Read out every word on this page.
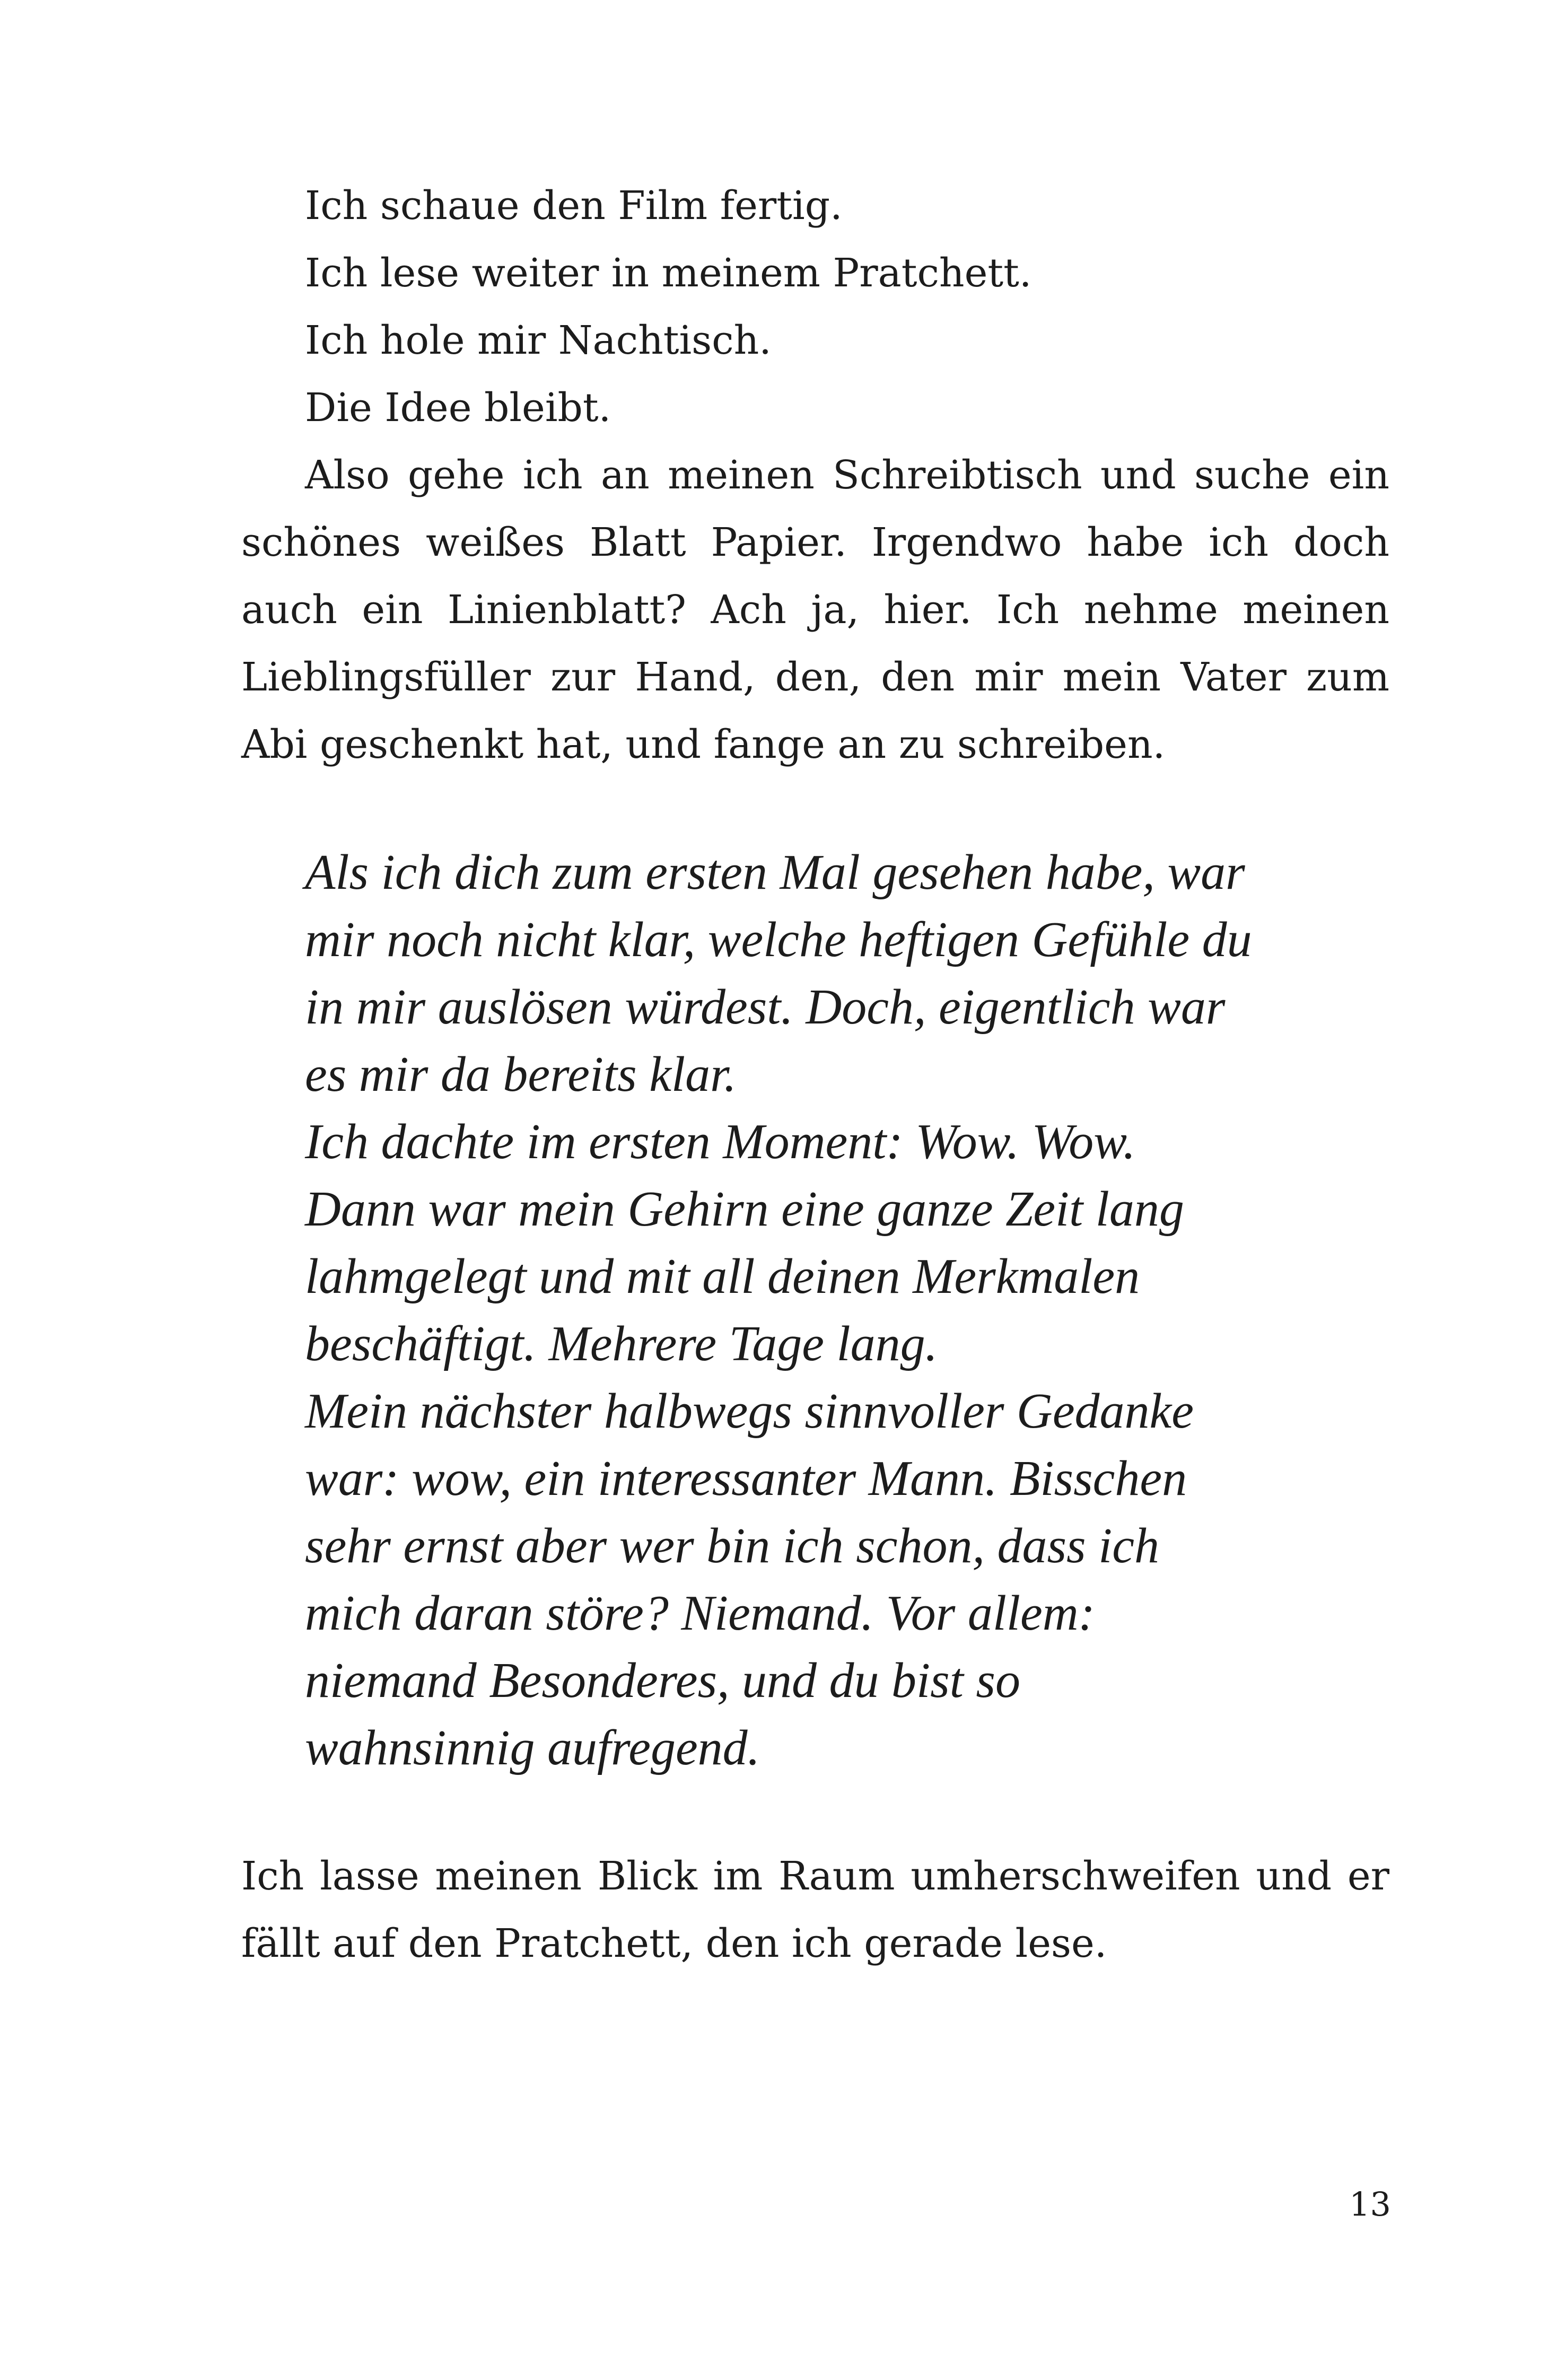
Ich schaue den Film fertig.

Ich lese weiter in meinem Pratchett.

Ich hole mir Nachtisch.

Die Idee bleibt.

Also gehe ich an meinen Schreibtisch und suche ein schönes weißes Blatt Papier. Irgendwo habe ich doch auch ein Linienblatt? Ach ja, hier. Ich nehme meinen Lieblingsfüller zur Hand, den, den mir mein Vater zum Abi geschenkt hat, und fange an zu schreiben.

Als ich dich zum ersten Mal gesehen habe, war

mir noch nicht klar, welche heftigen Gefühle du

in mir auslösen würdest. Doch, eigentlich war

es mir da bereits klar.

Ich dachte im ersten Moment: Wow. Wow.

Dann war mein Gehirn eine ganze Zeit lang

lahmgelegt und mit all deinen Merkmalen

beschäftigt. Mehrere Tage lang.

Mein nächster halbwegs sinnvoller Gedanke

war: wow, ein interessanter Mann. Bisschen

sehr ernst aber wer bin ich schon, dass ich

mich daran störe? Niemand. Vor allem:

niemand Besonderes, und du bist so

wahnsinnig aufregend.

Ich lasse meinen Blick im Raum umherschweifen und er fällt auf den Pratchett, den ich gerade lese.

13
